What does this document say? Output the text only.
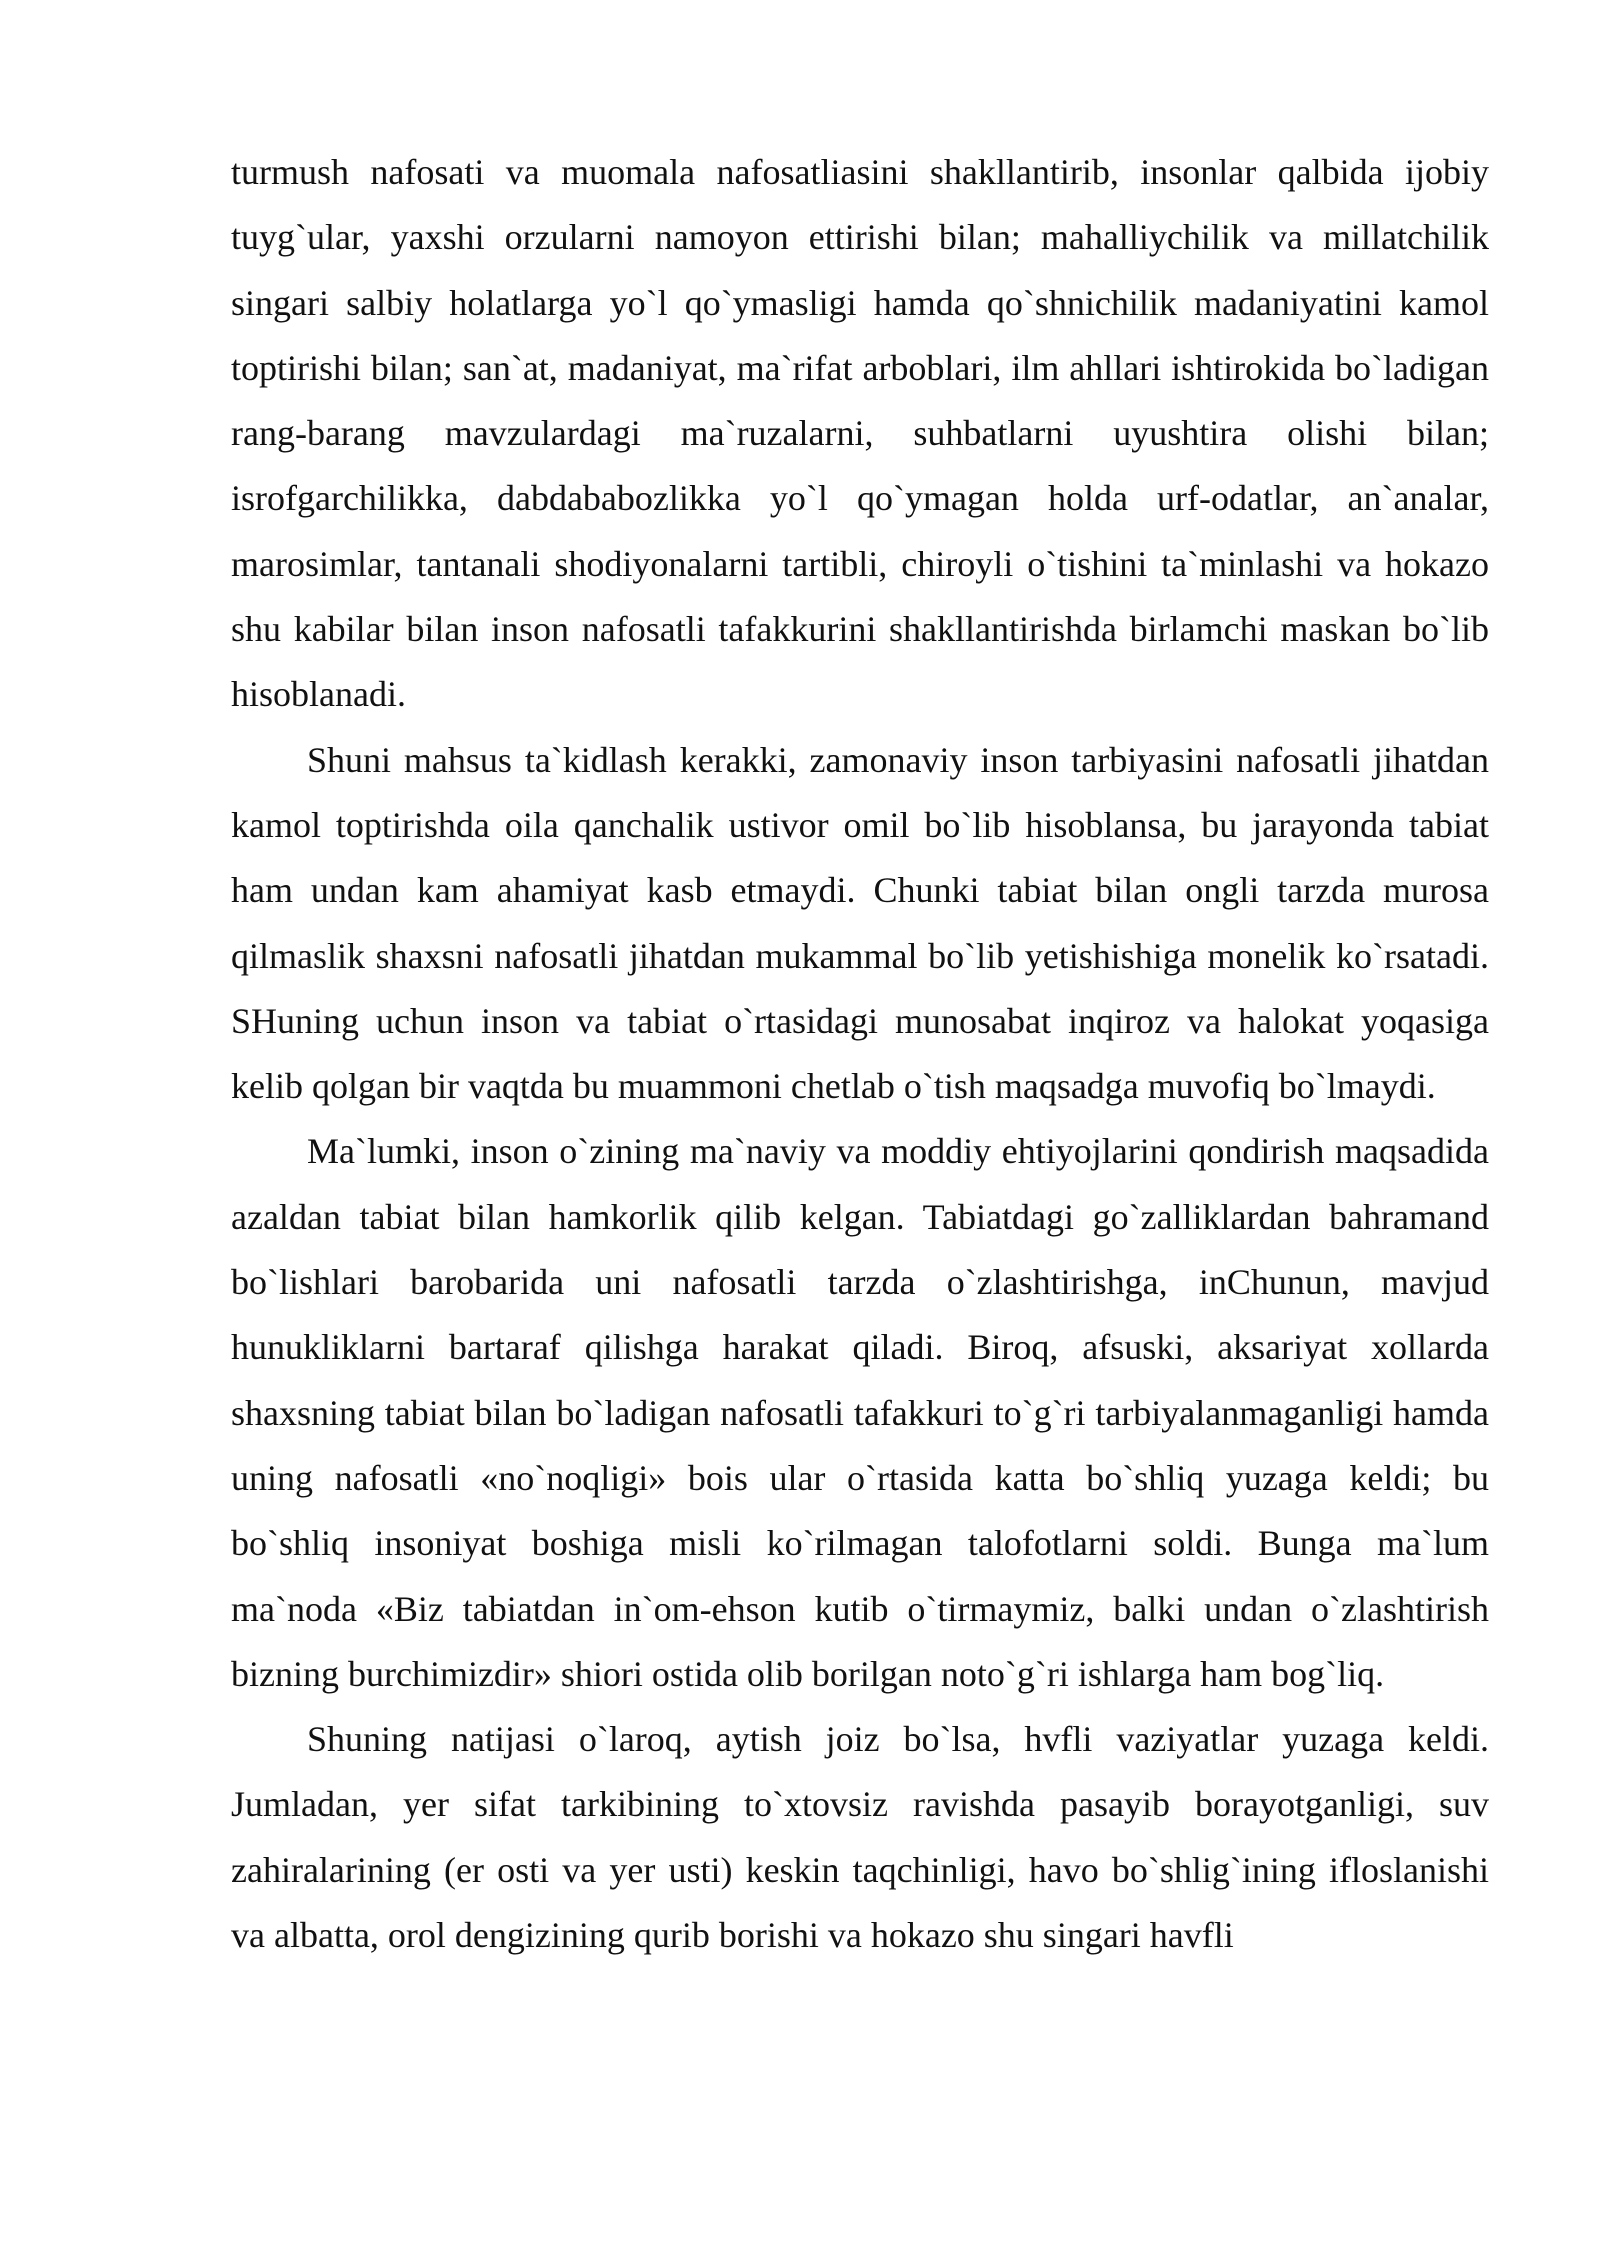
turmush nafosati va muomala nafosatliasini shakllantirib, insonlar qalbida ijobiy tuyg`ular, yaxshi orzularni namoyon ettirishi bilan; mahalliychilik va millatchilik singari salbiy holatlarga yo`l qo`ymasligi hamda qo`shnichilik madaniyatini kamol toptirishi bilan; san`at, madaniyat, ma`rifat arboblari, ilm ahllari ishtirokida bo`ladigan rang-barang mavzulardagi ma`ruzalarni, suhbatlarni uyushtira olishi bilan; isrofgarchilikka, dabdababozlikka yo`l qo`ymagan holda urf-odatlar, an`analar, marosimlar, tantanali shodiyonalarni tartibli, chiroyli o`tishini ta`minlashi va hokazo shu kabilar bilan inson nafosatli tafakkurini shakllantirishda birlamchi maskan bo`lib hisoblanadi.

Shuni mahsus ta`kidlash kerakki, zamonaviy inson tarbiyasini nafosatli jihatdan kamol toptirishda oila qanchalik ustivor omil bo`lib hisoblansa, bu jarayonda tabiat ham undan kam ahamiyat kasb etmaydi. Chunki tabiat bilan ongli tarzda murosa qilmaslik shaxsni nafosatli jihatdan mukammal bo`lib yetishishiga monelik ko`rsatadi. SHuning uchun inson va tabiat o`rtasidagi munosabat inqiroz va halokat yoqasiga kelib qolgan bir vaqtda bu muammoni chetlab o`tish maqsadga muvofiq bo`lmaydi.

Ma`lumki, inson o`zining ma`naviy va moddiy ehtiyojlarini qondirish maqsadida azaldan tabiat bilan hamkorlik qilib kelgan. Tabiatdagi go`zalliklardan bahramand bo`lishlari barobarida uni nafosatli tarzda o`zlashtirishga, inChunun, mavjud hunukliklarni bartaraf qilishga harakat qiladi. Biroq, afsuski, aksariyat xollarda shaxsning tabiat bilan bo`ladigan nafosatli tafakkuri to`g`ri tarbiyalanmaganligi hamda uning nafosatli «no`noqligi» bois ular o`rtasida katta bo`shliq yuzaga keldi; bu bo`shliq insoniyat boshiga misli ko`rilmagan talofotlarni soldi. Bunga ma`lum ma`noda «Biz tabiatdan in`om-ehson kutib o`tirmaymiz, balki undan o`zlashtirish bizning burchimizdir» shiori ostida olib borilgan noto`g`ri ishlarga ham bog`liq.

Shuning natijasi o`laroq, aytish joiz bo`lsa, hvfli vaziyatlar yuzaga keldi. Jumladan, yer sifat tarkibining to`xtovsiz ravishda pasayib borayotganligi, suv zahiralarining (er osti va yer usti) keskin taqchinligi, havo bo`shlig`ining ifloslanishi va albatta, orol dengizining qurib borishi va hokazo shu singari havfli
